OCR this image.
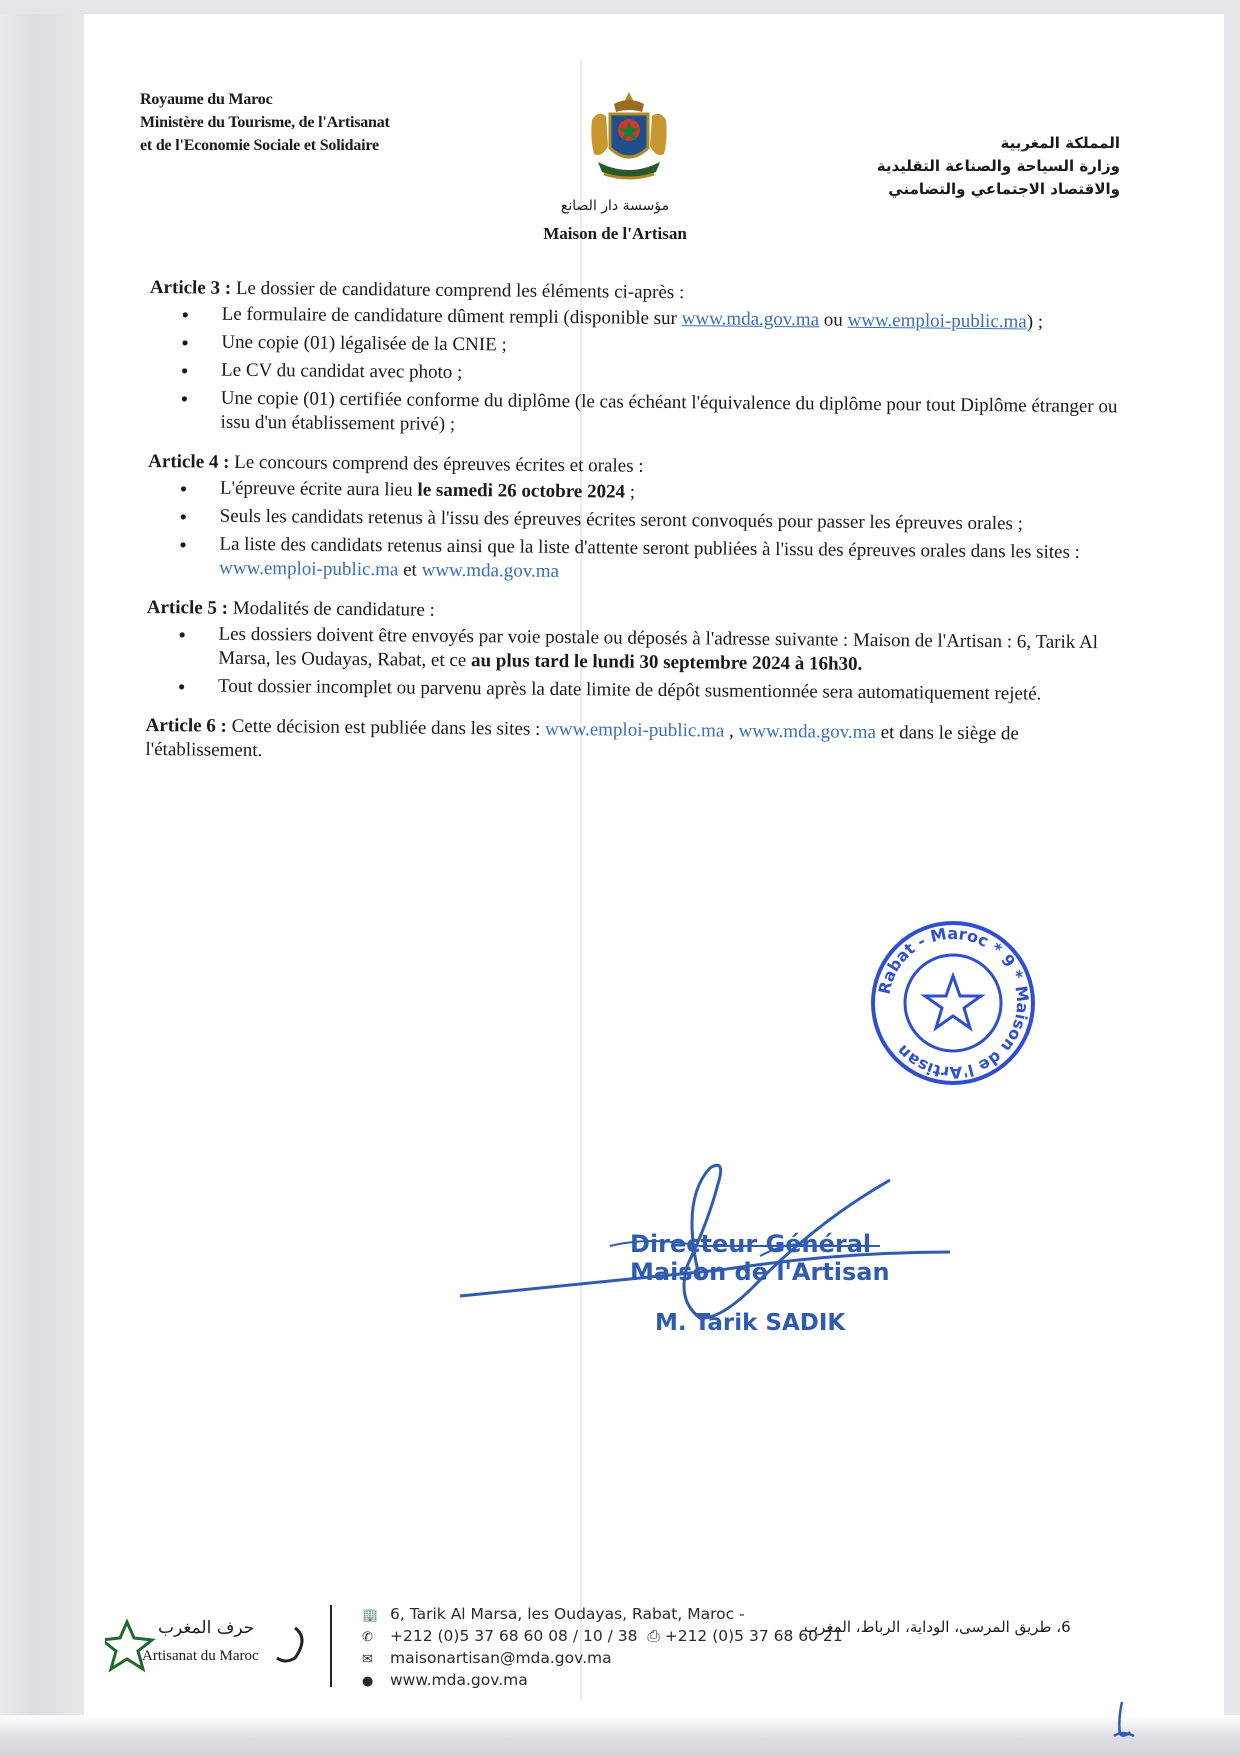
Royaume du Maroc
Ministère du Tourisme, de l'Artisanat
et de l'Economie Sociale et Solidaire	المملكة المغربية
وزارة السياحة والصناعة التقليدية
والاقتصاد الاجتماعي والتضامني
مؤسسة دار الصانع
Maison de l'Artisan
Article 3 : Le dossier de candidature comprend les éléments ci-après :
● Le formulaire de candidature dûment rempli (disponible sur www.mda.gov.ma ou www.emploi-public.ma) ;
● Une copie (01) légalisée de la CNIE ;
● Le CV du candidat avec photo ;
● Une copie (01) certifiée conforme du diplôme (le cas échéant l'équivalence du diplôme pour tout Diplôme étranger ou issu d'un établissement privé) ;
Article 4 : Le concours comprend des épreuves écrites et orales :
● L'épreuve écrite aura lieu le samedi 26 octobre 2024 ;
● Seuls les candidats retenus à l'issu des épreuves écrites seront convoqués pour passer les épreuves orales ;
● La liste des candidats retenus ainsi que la liste d'attente seront publiées à l'issu des épreuves orales dans les sites : www.emploi-public.ma et www.mda.gov.ma
Article 5 : Modalités de candidature :
● Les dossiers doivent être envoyés par voie postale ou déposés à l'adresse suivante : Maison de l'Artisan : 6, Tarik Al Marsa, les Oudayas, Rabat, et ce au plus tard le lundi 30 septembre 2024 à 16h30.
● Tout dossier incomplet ou parvenu après la date limite de dépôt susmentionnée sera automatiquement rejeté.
Article 6 : Cette décision est publiée dans les sites : www.emploi-public.ma , www.mda.gov.ma et dans le siège de l'établissement.
Rabat - Maroc * 9 * Maison de l'Artisan
Directeur Général
Maison de l'Artisan
M. Tarik SADIK
حرف المغرب
Artisanat du Maroc
🏢 6, Tarik Al Marsa, les Oudayas, Rabat, Maroc -
✆ +212 (0)5 37 68 60 08 / 10 / 38 ⎙ +212 (0)5 37 68 60 21
✉ maisonartisan@mda.gov.ma
● www.mda.gov.ma
6، طريق المرسى، الوداية، الرباط، المغرب
